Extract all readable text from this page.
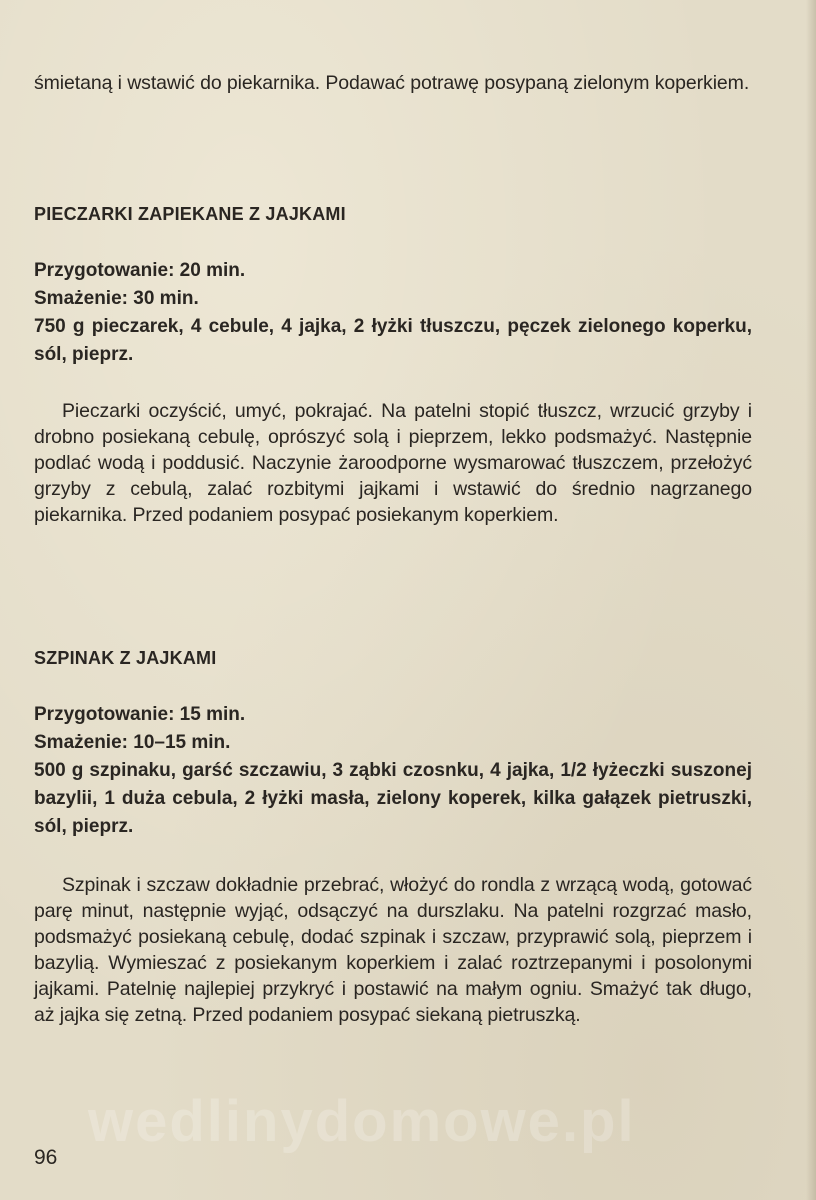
śmietaną i wstawić do piekarnika. Podawać potrawę posypaną zielonym koperkiem.

PIECZARKI ZAPIEKANE Z JAJKAMI
Przygotowanie: 20 min.
Smażenie: 30 min.
750 g pieczarek, 4 cebule, 4 jajka, 2 łyżki tłuszczu, pęczek zielonego koperku, sól, pieprz.

Pieczarki oczyścić, umyć, pokrajać. Na patelni stopić tłuszcz, wrzucić grzyby i drobno posiekaną cebulę, oprószyć solą i pieprzem, lekko podsmażyć. Następnie podlać wodą i poddusić. Naczynie żaroodporne wysmarować tłuszczem, przełożyć grzyby z cebulą, zalać rozbitymi jajkami i wstawić do średnio nagrzanego piekarnika. Przed podaniem posypać posiekanym koperkiem.

SZPINAK Z JAJKAMI
Przygotowanie: 15 min.
Smażenie: 10–15 min.
500 g szpinaku, garść szczawiu, 3 ząbki czosnku, 4 jajka, 1/2 łyżeczki suszonej bazylii, 1 duża cebula, 2 łyżki masła, zielony koperek, kilka gałązek pietruszki, sól, pieprz.

Szpinak i szczaw dokładnie przebrać, włożyć do rondla z wrzącą wodą, gotować parę minut, następnie wyjąć, odsączyć na durszlaku. Na patelni rozgrzać masło, podsmażyć posiekaną cebulę, dodać szpinak i szczaw, przyprawić solą, pieprzem i bazylią. Wymieszać z posiekanym koperkiem i zalać roztrzepanymi i posolonymi jajkami. Patelnię najlepiej przykryć i postawić na małym ogniu. Smażyć tak długo, aż jajka się zetną. Przed podaniem posypać siekaną pietruszką.

wedlinydomowe.pl

96
